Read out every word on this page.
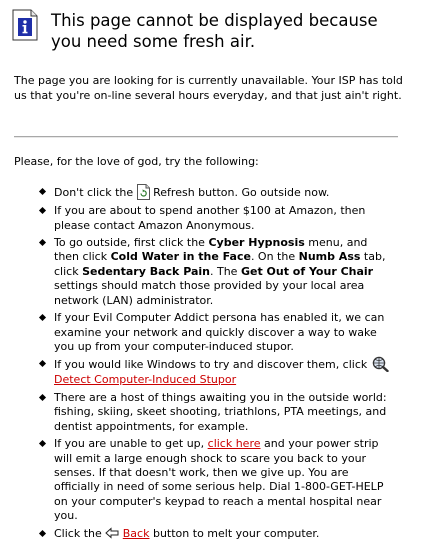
This page cannot be displayed because you need some fresh air.

The page you are looking for is currently unavailable. Your ISP has told us that you're on-line several hours everyday, and that just ain't right.

Please, for the love of god, try the following:

Don't click the  Refresh button. Go outside now.
If you are about to spend another $100 at Amazon, then please contact Amazon Anonymous.
To go outside, first click the Cyber Hypnosis menu, and then click Cold Water in the Face. On the Numb Ass tab, click Sedentary Back Pain. The Get Out of Your Chair settings should match those provided by your local area network (LAN) administrator.
If your Evil Computer Addict persona has enabled it, we can examine your network and quickly discover a way to wake you up from your computer-induced stupor.
If you would like Windows to try and discover them, click  Detect Computer-Induced Stupor
There are a host of things awaiting you in the outside world: fishing, skiing, skeet shooting, triathlons, PTA meetings, and dentist appointments, for example.
If you are unable to get up, click here and your power strip will emit a large enough shock to scare you back to your senses. If that doesn't work, then we give up. You are officially in need of some serious help. Dial 1-800-GET-HELP on your computer's keypad to reach a mental hospital near you.
Click the  Back button to melt your computer.
